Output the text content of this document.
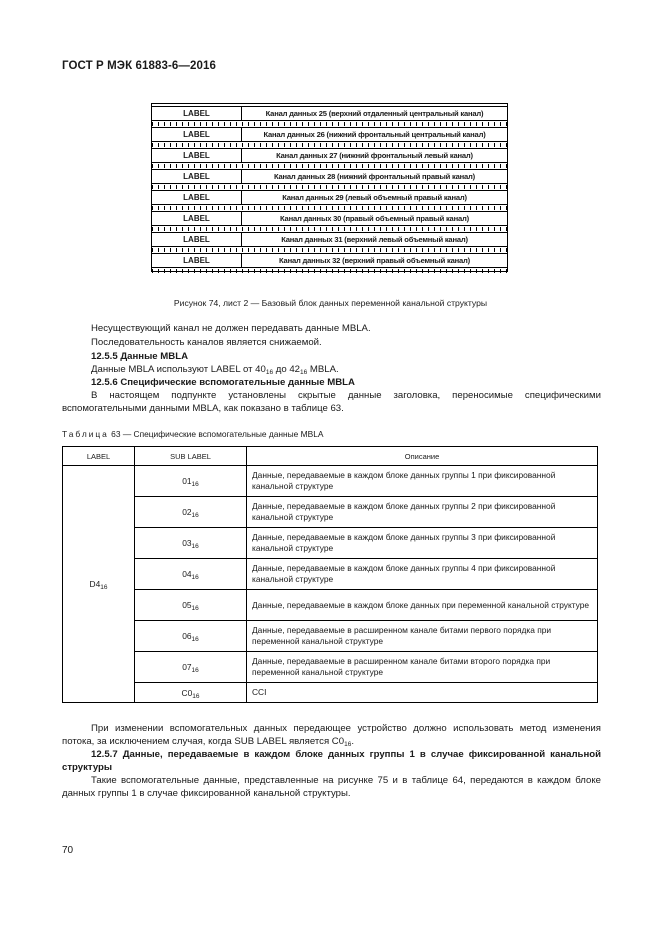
ГОСТ Р МЭК 61883-6—2016
LABEL	Канал данных 25 (верхний отдаленный центральный канал)
LABEL	Канал данных 26 (нижний фронтальный центральный канал)
LABEL	Канал данных 27 (нижний фронтальный левый канал)
LABEL	Канал данных 28 (нижний фронтальный правый канал)
LABEL	Канал данных 29 (левый объемный правый канал)
LABEL	Канал данных 30 (правый объемный правый канал)
LABEL	Канал данных 31 (верхний левый объемный канал)
LABEL	Канал данных 32 (верхний правый объемный канал)
Рисунок 74, лист 2 — Базовый блок данных переменной канальной структуры
Несуществующий канал не должен передавать данные MBLA.
Последовательность каналов является снижаемой.
12.5.5 Данные MBLA
Данные MBLA используют LABEL от $40_{16}$ до $42_{16}$ MBLA.
12.5.6 Специфические вспомогательные данные MBLA
В настоящем подпункте установлены скрытые данные заголовка, переносимые специфическими вспомогательными данными MBLA, как показано в таблице 63.
Таблица 63 — Специфические вспомогательные данные MBLA
LABEL	SUB LABEL	Описание
$D4_{16}$	$01_{16}$	Данные, передаваемые в каждом блоке данных группы 1 при фиксированной канальной структуре
	$02_{16}$	Данные, передаваемые в каждом блоке данных группы 2 при фиксированной канальной структуре
	$03_{16}$	Данные, передаваемые в каждом блоке данных группы 3 при фиксированной канальной структуре
	$04_{16}$	Данные, передаваемые в каждом блоке данных группы 4 при фиксированной канальной структуре
	$05_{16}$	Данные, передаваемые в каждом блоке данных при переменной канальной структуре
	$06_{16}$	Данные, передаваемые в расширенном канале битами первого порядка при переменной канальной структуре
	$07_{16}$	Данные, передаваемые в расширенном канале битами второго порядка при переменной канальной структуре
	$C0_{16}$	CCI
При изменении вспомогательных данных передающее устройство должно использовать метод изменения потока, за исключением случая, когда SUB LABEL является $C0_{16}$.
12.5.7 Данные, передаваемые в каждом блоке данных группы 1 в случае фиксированной канальной структуры
Такие вспомогательные данные, представленные на рисунке 75 и в таблице 64, передаются в каждом блоке данных группы 1 в случае фиксированной канальной структуры.
70
